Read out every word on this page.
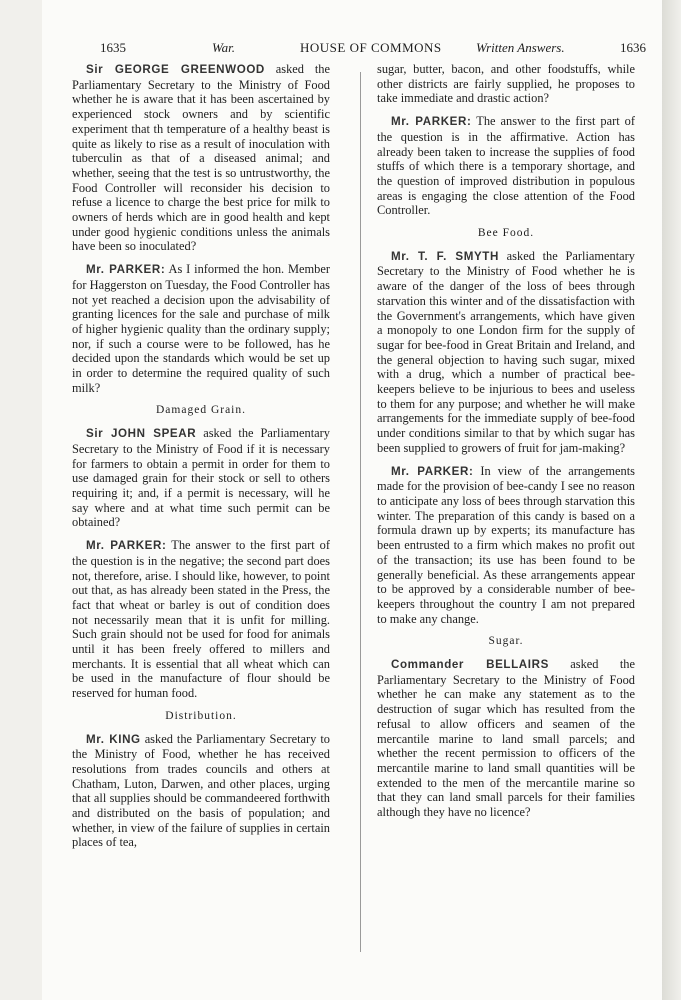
1635	War.	HOUSE OF COMMONS	Written Answers.	1636

Sir GEORGE GREENWOOD asked the Parliamentary Secretary to the Ministry of Food whether he is aware that it has been ascertained by experienced stock owners and by scientific experiment that th temperature of a healthy beast is quite as likely to rise as a result of inoculation with tuberculin as that of a diseased animal; and whether, seeing that the test is so untrustworthy, the Food Controller will reconsider his decision to refuse a licence to charge the best price for milk to owners of herds which are in good health and kept under good hygienic conditions unless the animals have been so inoculated?

Mr. PARKER: As I informed the hon. Member for Haggerston on Tuesday, the Food Controller has not yet reached a decision upon the advisability of granting licences for the sale and purchase of milk of higher hygienic quality than the ordinary supply; nor, if such a course were to be followed, has he decided upon the standards which would be set up in order to determine the required quality of such milk?

Damaged Grain.

Sir JOHN SPEAR asked the Parliamentary Secretary to the Ministry of Food if it is necessary for farmers to obtain a permit in order for them to use damaged grain for their stock or sell to others requiring it; and, if a permit is necessary, will he say where and at what time such permit can be obtained?

Mr. PARKER: The answer to the first part of the question is in the negative; the second part does not, therefore, arise. I should like, however, to point out that, as has already been stated in the Press, the fact that wheat or barley is out of condition does not necessarily mean that it is unfit for milling. Such grain should not be used for food for animals until it has been freely offered to millers and merchants. It is essential that all wheat which can be used in the manufacture of flour should be reserved for human food.

Distribution.

Mr. KING asked the Parliamentary Secretary to the Ministry of Food, whether he has received resolutions from trades councils and others at Chatham, Luton, Darwen, and other places, urging that all supplies should be commandeered forthwith and distributed on the basis of population; and whether, in view of the failure of supplies in certain places of tea,

sugar, butter, bacon, and other foodstuffs, while other districts are fairly supplied, he proposes to take immediate and drastic action?

Mr. PARKER: The answer to the first part of the question is in the affirmative. Action has already been taken to increase the supplies of food stuffs of which there is a temporary shortage, and the question of improved distribution in populous areas is engaging the close attention of the Food Controller.

Bee Food.

Mr. T. F. SMYTH asked the Parliamentary Secretary to the Ministry of Food whether he is aware of the danger of the loss of bees through starvation this winter and of the dissatisfaction with the Government's arrangements, which have given a monopoly to one London firm for the supply of sugar for bee-food in Great Britain and Ireland, and the general objection to having such sugar, mixed with a drug, which a number of practical bee-keepers believe to be injurious to bees and useless to them for any purpose; and whether he will make arrangements for the immediate supply of bee-food under conditions similar to that by which sugar has been supplied to growers of fruit for jam-making?

Mr. PARKER: In view of the arrangements made for the provision of bee-candy I see no reason to anticipate any loss of bees through starvation this winter. The preparation of this candy is based on a formula drawn up by experts; its manufacture has been entrusted to a firm which makes no profit out of the transaction; its use has been found to be generally beneficial. As these arrangements appear to be approved by a considerable number of bee-keepers throughout the country I am not prepared to make any change.

Sugar.

Commander BELLAIRS asked the Parliamentary Secretary to the Ministry of Food whether he can make any statement as to the destruction of sugar which has resulted from the refusal to allow officers and seamen of the mercantile marine to land small parcels; and whether the recent permission to officers of the mercantile marine to land small quantities will be extended to the men of the mercantile marine so that they can land small parcels for their families although they have no licence?
